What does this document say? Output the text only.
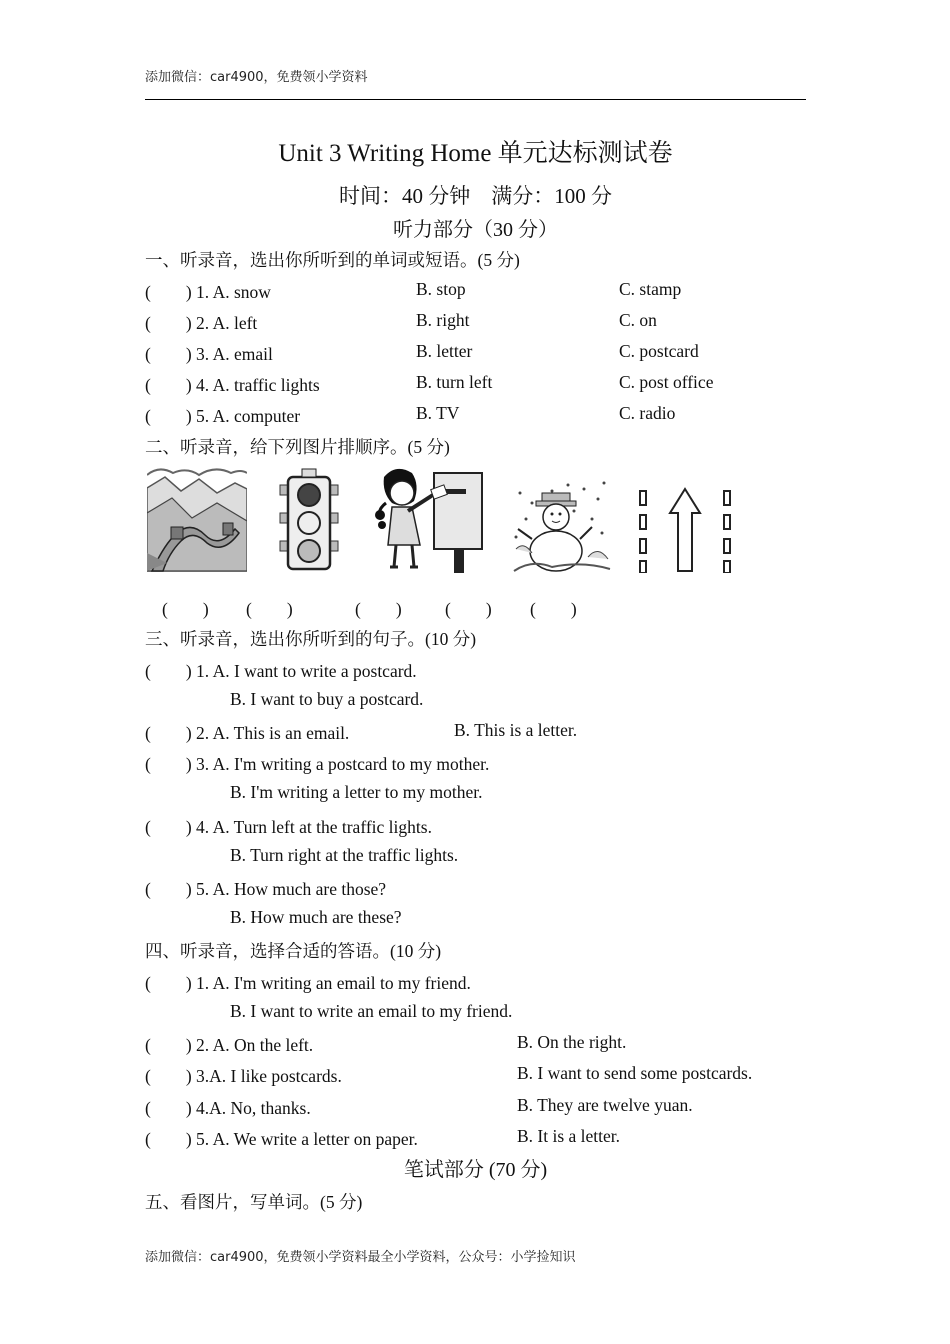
添加微信：car4900，免费领小学资料
Unit 3 Writing Home 单元达标测试卷
时间：40 分钟　满分：100 分
听力部分（30 分）
一、听录音，选出你所听到的单词或短语。(5 分)
(　　) 1. A. snow	B. stop	C. stamp
(　　) 2. A. left	B. right	C. on
(　　) 3. A. email	B. letter	C. postcard
(　　) 4. A. traffic lights	B. turn left	C. post office
(　　) 5. A. computer	B. TV	C. radio
二、听录音，给下列图片排顺序。(5 分)
(　　) (　　)	(　　) (　　) (　　)
三、听录音，选出你所听到的句子。(10 分)
(　　) 1. A. I want to write a postcard.
B. I want to buy a postcard.
(　　) 2. A. This is an email.	B. This is a letter.
(　　) 3. A. I'm writing a postcard to my mother.
B. I'm writing a letter to my mother.
(　　) 4. A. Turn left at the traffic lights.
B. Turn right at the traffic lights.
(　　) 5. A. How much are those?
B. How much are these?
四、听录音，选择合适的答语。(10 分)
(　　) 1. A. I'm writing an email to my friend.
B. I want to write an email to my friend.
(　　) 2. A. On the left.	B. On the right.
(　　) 3.A. I like postcards.	B. I want to send some postcards.
(　　) 4.A. No, thanks.	B. They are twelve yuan.
(　　) 5. A. We write a letter on paper.	B. It is a letter.
笔试部分 (70 分)
五、看图片，写单词。(5 分)
添加微信：car4900，免费领小学资料最全小学资料，公众号：小学捡知识
